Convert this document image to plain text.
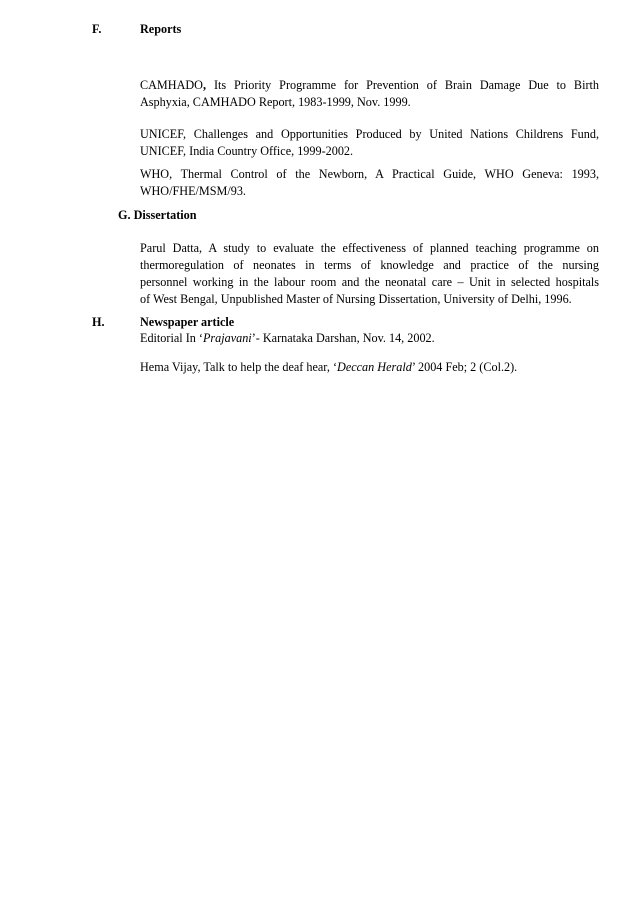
F.	Reports
CAMHADO, Its Priority Programme for Prevention of Brain Damage Due to Birth
Asphyxia, CAMHADO Report, 1983-1999, Nov. 1999.
UNICEF, Challenges and Opportunities Produced by United Nations Childrens Fund,
UNICEF, India Country Office, 1999-2002.
WHO, Thermal Control of the Newborn, A Practical Guide, WHO Geneva: 1993,
WHO/FHE/MSM/93.
G. Dissertation
Parul Datta, A study to evaluate the effectiveness of planned teaching programme on
thermoregulation of neonates in terms of knowledge and practice of the nursing
personnel working in the labour room and the neonatal care – Unit in selected hospitals
of West Bengal, Unpublished Master of Nursing Dissertation, University of Delhi, 1996.
H.	Newspaper article
Editorial In ‘Prajavani’- Karnataka Darshan, Nov. 14, 2002.
Hema Vijay, Talk to help the deaf hear, ‘Deccan Herald’ 2004 Feb; 2 (Col.2).
